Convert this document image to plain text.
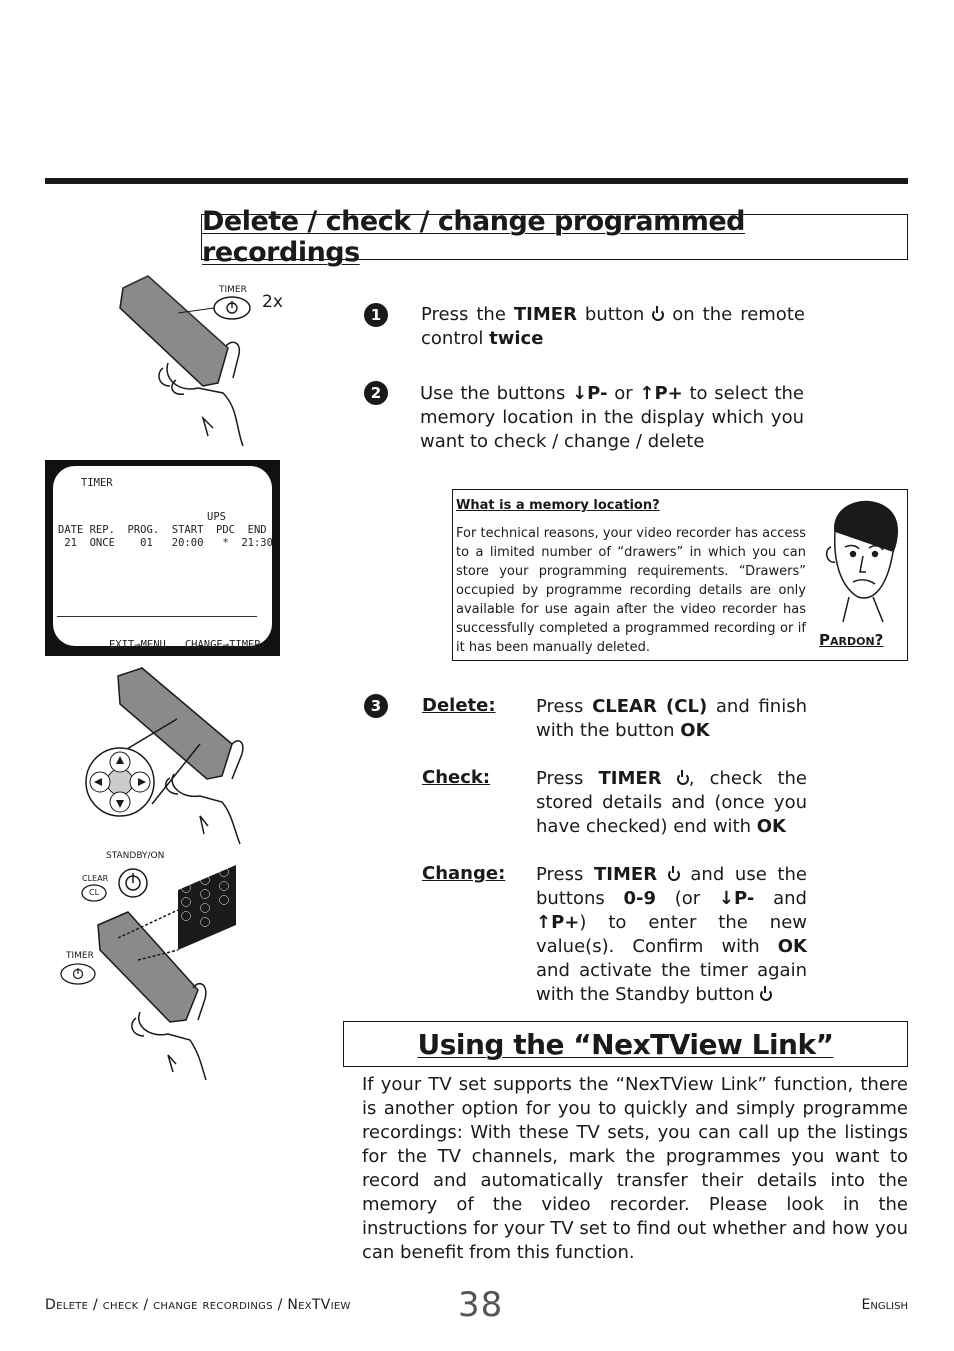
Delete / check / change programmed recordings
TIMER
2x
1	Press the TIMER button on the remote control twice
2	Use the buttons ↓P- or ↑P+ to select the memory location in the display which you want to check / change / delete
TIMER
UPS
DATE REP.  PROG.  START  PDC  END
21  ONCE    01   20:00   *  21:30

EXIT→MENU CHANGE→TIMER

What is a memory location?
For technical reasons, your video recorder has access to a limited number of “drawers” in which you can store your programming requirements. “Drawers” occupied by programme recording details are only available for use again after the video recorder has successfully completed a programmed recording or if it has been manually deleted.	Pardon?
3	Delete: Press CLEAR (CL) and finish with the button OK
Check:	Press TIMER , check the stored details and (once you have checked) end with OK
Change: Press TIMER and use the buttons 0-9 (or ↓P- and ↑P+) to enter the new value(s). Confirm with OK and activate the timer again with the Standby button
STANDBY/ON
CLEAR
CL
TIMER
Using the “NexTView Link”
If your TV set supports the “NexTView Link” function, there is another option for you to quickly and simply programme recordings: With these TV sets, you can call up the listings for the TV channels, mark the programmes you want to record and automatically transfer their details into the memory of the video recorder. Please look in the instructions for your TV set to find out whether and how you can benefit from this function.
Delete / check / change recordings / NexTView	38	English
